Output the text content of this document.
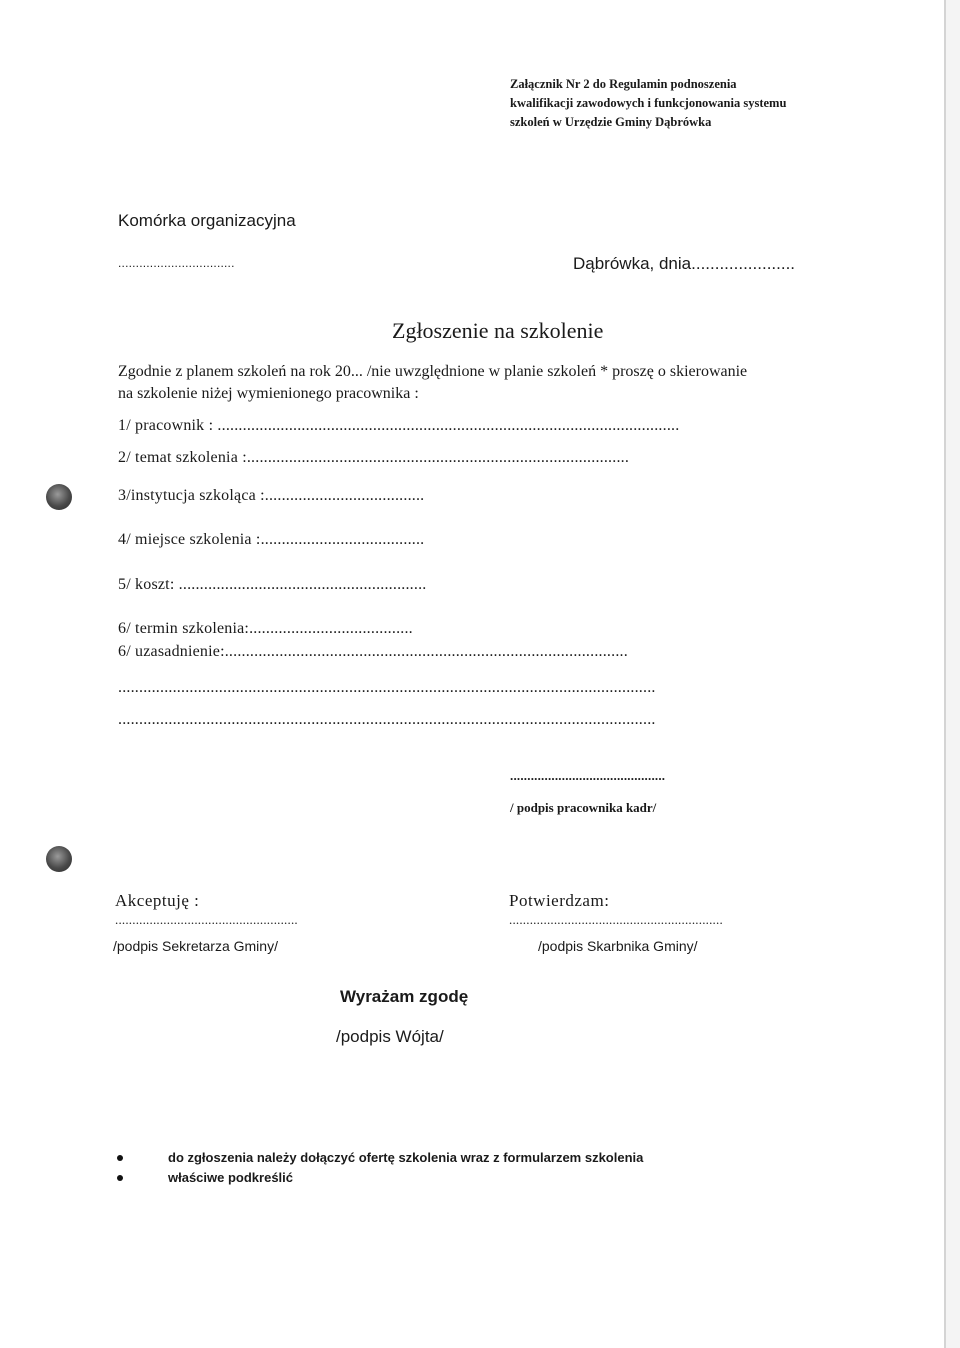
Załącznik Nr 2 do Regulamin podnoszenia
kwalifikacji zawodowych i funkcjonowania systemu
szkoleń w Urzędzie Gminy Dąbrówka
Komórka organizacyjna
.................................	Dąbrówka, dnia......................
Zgłoszenie na szkolenie
Zgodnie z planem szkoleń na rok 20... /nie uwzględnione w planie szkoleń * proszę o skierowanie
na szkolenie niżej wymienionego pracownika :
1/ pracownik : ..............................................................................................................
2/ temat szkolenia :...........................................................................................
3/instytucja szkoląca :......................................
4/ miejsce szkolenia :.......................................
5/ koszt: ...........................................................
6/ termin szkolenia:.......................................
6/ uzasadnienie:................................................................................................
................................................................................................................................
................................................................................................................................
.............................................
/ podpis pracownika kadr/
Akceptuję :
.....................................................
/podpis Sekretarza Gminy/
Potwierdzam:
..............................................................
/podpis Skarbnika Gminy/
Wyrażam zgodę
/podpis Wójta/
do zgłoszenia należy dołączyć ofertę szkolenia wraz z formularzem szkolenia
właściwe podkreślić
